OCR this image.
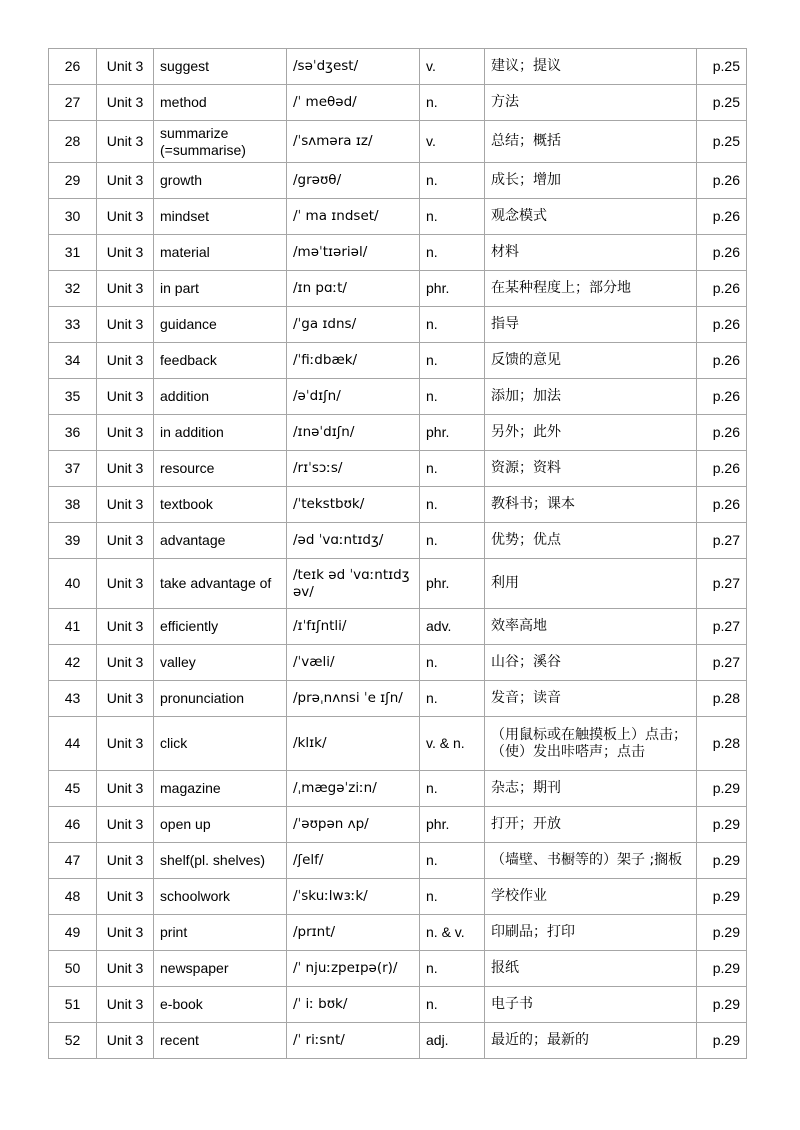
26	Unit 3	suggest	/səˈdʒest/	v.	建议；提议	p.25
27	Unit 3	method	/ˈ meθəd/	n.	方法	p.25
28	Unit 3	summarize (=summarise)	/ˈsʌməra ɪz/	v.	总结；概括	p.25
29	Unit 3	growth	/grəʊθ/	n.	成长；增加	p.26
30	Unit 3	mindset	/ˈ ma ɪndset/	n.	观念模式	p.26
31	Unit 3	material	/məˈtɪəriəl/	n.	材料	p.26
32	Unit 3	in part	/ɪn pɑːt/	phr.	在某种程度上；部分地	p.26
33	Unit 3	guidance	/ˈga ɪdns/	n.	指导	p.26
34	Unit 3	feedback	/ˈfiːdbæk/	n.	反馈的意见	p.26
35	Unit 3	addition	/əˈdɪʃn/	n.	添加；加法	p.26
36	Unit 3	in addition	/ɪnəˈdɪʃn/	phr.	另外；此外	p.26
37	Unit 3	resource	/rɪˈsɔːs/	n.	资源；资料	p.26
38	Unit 3	textbook	/ˈtekstbʊk/	n.	教科书；课本	p.26
39	Unit 3	advantage	/əd ˈvɑːntɪdʒ/	n.	优势；优点	p.27
40	Unit 3	take advantage of	/teɪk əd ˈvɑːntɪdʒ əv/	phr.	利用	p.27
41	Unit 3	efficiently	/ɪˈfɪʃntli/	adv.	效率高地	p.27
42	Unit 3	valley	/ˈvæli/	n.	山谷；溪谷	p.27
43	Unit 3	pronunciation	/prəˌnʌnsi ˈe ɪʃn/	n.	发音；读音	p.28
44	Unit 3	click	/klɪk/	v. & n.	（用鼠标或在触摸板上）点击；（使）发出咔嗒声；点击	p.28
45	Unit 3	magazine	/ˌmægəˈziːn/	n.	杂志；期刊	p.29
46	Unit 3	open up	/ˈəʊpən ʌp/	phr.	打开；开放	p.29
47	Unit 3	shelf(pl. shelves)	/ʃelf/	n.	（墙壁、书橱等的）架子 ;搁板	p.29
48	Unit 3	schoolwork	/ˈskuːlwɜːk/	n.	学校作业	p.29
49	Unit 3	print	/prɪnt/	n. & v.	印刷品；打印	p.29
50	Unit 3	newspaper	/ˈ njuːzpeɪpə(r)/	n.	报纸	p.29
51	Unit 3	e-book	/ˈ iː bʊk/	n.	电子书	p.29
52	Unit 3	recent	/ˈ riːsnt/	adj.	最近的；最新的	p.29
